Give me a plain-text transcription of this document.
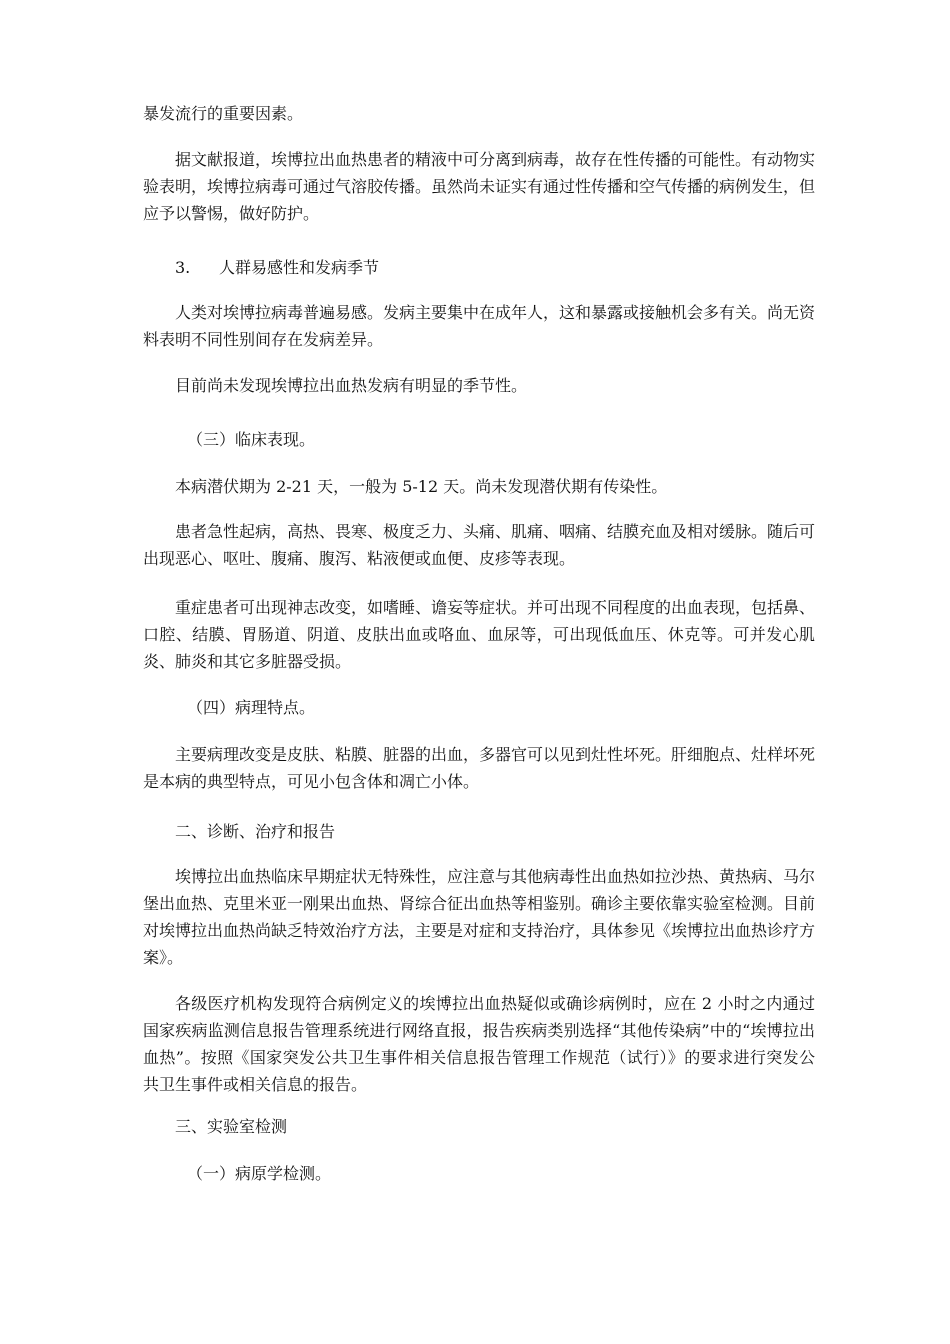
暴发流行的重要因素。
据文献报道，埃博拉出血热患者的精液中可分离到病毒，故存在性传播的可能性。有动物实验表明，埃博拉病毒可通过气溶胶传播。虽然尚未证实有通过性传播和空气传播的病例发生，但应予以警惕，做好防护。
3. 人群易感性和发病季节
人类对埃博拉病毒普遍易感。发病主要集中在成年人，这和暴露或接触机会多有关。尚无资料表明不同性别间存在发病差异。
目前尚未发现埃博拉出血热发病有明显的季节性。
（三）临床表现。
本病潜伏期为 2-21 天，一般为 5-12 天。尚未发现潜伏期有传染性。
患者急性起病，高热、畏寒、极度乏力、头痛、肌痛、咽痛、结膜充血及相对缓脉。随后可出现恶心、呕吐、腹痛、腹泻、粘液便或血便、皮疹等表现。
重症患者可出现神志改变，如嗜睡、谵妄等症状。并可出现不同程度的出血表现，包括鼻、口腔、结膜、胃肠道、阴道、皮肤出血或咯血、血尿等，可出现低血压、休克等。可并发心肌炎、肺炎和其它多脏器受损。
（四）病理特点。
主要病理改变是皮肤、粘膜、脏器的出血，多器官可以见到灶性坏死。肝细胞点、灶样坏死是本病的典型特点，可见小包含体和凋亡小体。
二、诊断、治疗和报告
埃博拉出血热临床早期症状无特殊性，应注意与其他病毒性出血热如拉沙热、黄热病、马尔堡出血热、克里米亚一刚果出血热、肾综合征出血热等相鉴别。确诊主要依靠实验室检测。目前对埃博拉出血热尚缺乏特效治疗方法，主要是对症和支持治疗，具体参见《埃博拉出血热诊疗方案》。
各级医疗机构发现符合病例定义的埃博拉出血热疑似或确诊病例时，应在 2 小时之内通过国家疾病监测信息报告管理系统进行网络直报，报告疾病类别选择“其他传染病”中的“埃博拉出血热”。按照《国家突发公共卫生事件相关信息报告管理工作规范（试行）》的要求进行突发公共卫生事件或相关信息的报告。
三、实验室检测
（一）病原学检测。
